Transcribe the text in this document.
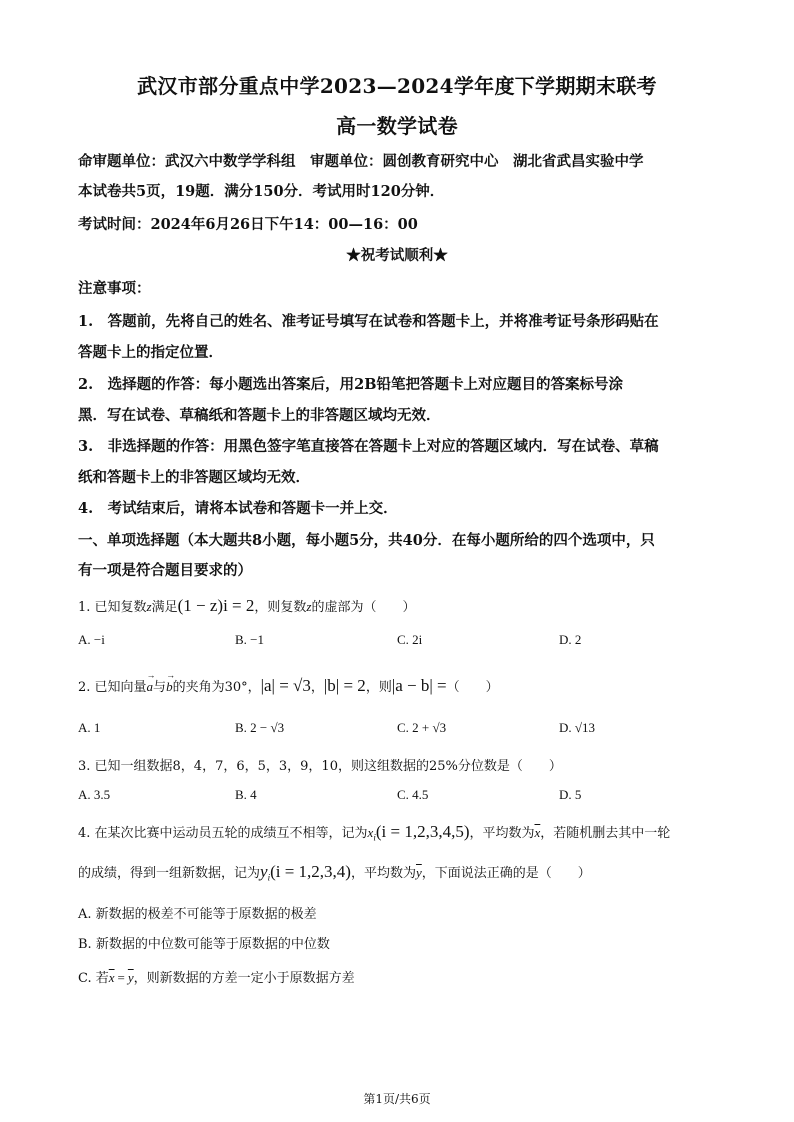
武汉市部分重点中学2023—2024学年度下学期期末联考
高一数学试卷
命审题单位：武汉六中数学学科组　审题单位：圆创教育研究中心　湖北省武昌实验中学
本试卷共5页，19题．满分150分．考试用时120分钟．
考试时间：2024年6月26日下午14：00—16：00
★祝考试顺利★
注意事项：
1.　答题前，先将自己的姓名、准考证号填写在试卷和答题卡上，并将准考证号条形码贴在
答题卡上的指定位置．
2.　选择题的作答：每小题选出答案后，用2B铅笔把答题卡上对应题目的答案标号涂
黑．写在试卷、草稿纸和答题卡上的非答题区域均无效．
3.　非选择题的作答：用黑色签字笔直接答在答题卡上对应的答题区域内．写在试卷、草稿
纸和答题卡上的非答题区域均无效．
4.　考试结束后，请将本试卷和答题卡一并上交．
一、单项选择题（本大题共8小题，每小题5分，共40分．在每小题所给的四个选项中，只
有一项是符合题目要求的）
1. 已知复数z满足(1 − z)i = 2，则复数z的虚部为（　　）
A. −i	B. −1	C. 2i	D. 2
2. 已知向量→ a与→ b的夹角为30°，|a| = √3，|b| = 2，则|a − b| =（　　）
A. 1	B. 2 − √3	C. 2 + √3	D. √13
3. 已知一组数据8，4，7，6，5，3，9，10，则这组数据的25%分位数是（　　）
A. 3.5	B. 4	C. 4.5	D. 5
4. 在某次比赛中运动员五轮的成绩互不相等，记为$x_i(i = 1,2,3,4,5)$，平均数为$\overline{x}$，若随机删去其中一轮
的成绩，得到一组新数据，记为$y_i(i = 1,2,3,4)$，平均数为$\overline{y}$，下面说法正确的是（　　）
A. 新数据的极差不可能等于原数据的极差
B. 新数据的中位数可能等于原数据的中位数
C. 若$\overline{x} = \overline{y}$，则新数据的方差一定小于原数据方差
第1页/共6页
